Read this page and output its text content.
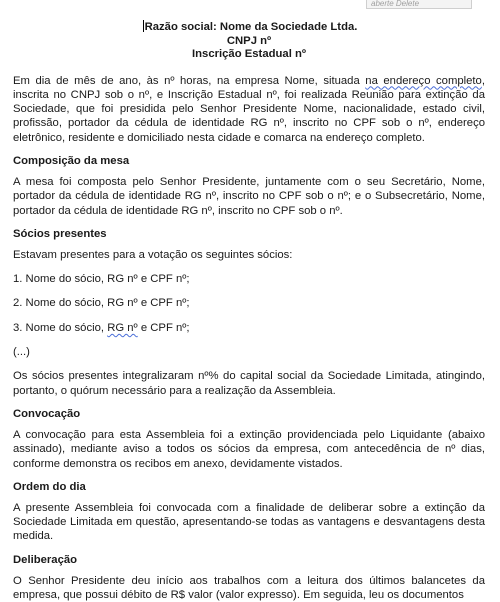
aberte Delete
Razão social: Nome da Sociedade Ltda.
CNPJ nº
Inscrição Estadual nº

Em dia de mês de ano, às nº horas, na empresa Nome, situada na endereço completo, inscrita no CNPJ sob o nº, e Inscrição Estadual nº, foi realizada Reunião para extinção da Sociedade, que foi presidida pelo Senhor Presidente Nome, nacionalidade, estado civil, profissão, portador da cédula de identidade RG nº, inscrito no CPF sob o nº, endereço eletrônico, residente e domiciliado nesta cidade e comarca na endereço completo.

Composição da mesa

A mesa foi composta pelo Senhor Presidente, juntamente com o seu Secretário, Nome, portador da cédula de identidade RG nº, inscrito no CPF sob o nº; e o Subsecretário, Nome, portador da cédula de identidade RG nº, inscrito no CPF sob o nº.

Sócios presentes

Estavam presentes para a votação os seguintes sócios:

1. Nome do sócio, RG nº e CPF nº;

2. Nome do sócio, RG nº e CPF nº;

3. Nome do sócio, RG nº e CPF nº;

(...)

Os sócios presentes integralizaram nº% do capital social da Sociedade Limitada, atingindo, portanto, o quórum necessário para a realização da Assembleia.

Convocação

A convocação para esta Assembleia foi a extinção providenciada pelo Liquidante (abaixo assinado), mediante aviso a todos os sócios da empresa, com antecedência de nº dias, conforme demonstra os recibos em anexo, devidamente vistados.

Ordem do dia

A presente Assembleia foi convocada com a finalidade de deliberar sobre a extinção da Sociedade Limitada em questão, apresentando-se todas as vantagens e desvantagens desta medida.

Deliberação

O Senhor Presidente deu início aos trabalhos com a leitura dos últimos balancetes da empresa, que possui débito de R$ valor (valor expresso). Em seguida, leu os documentos
